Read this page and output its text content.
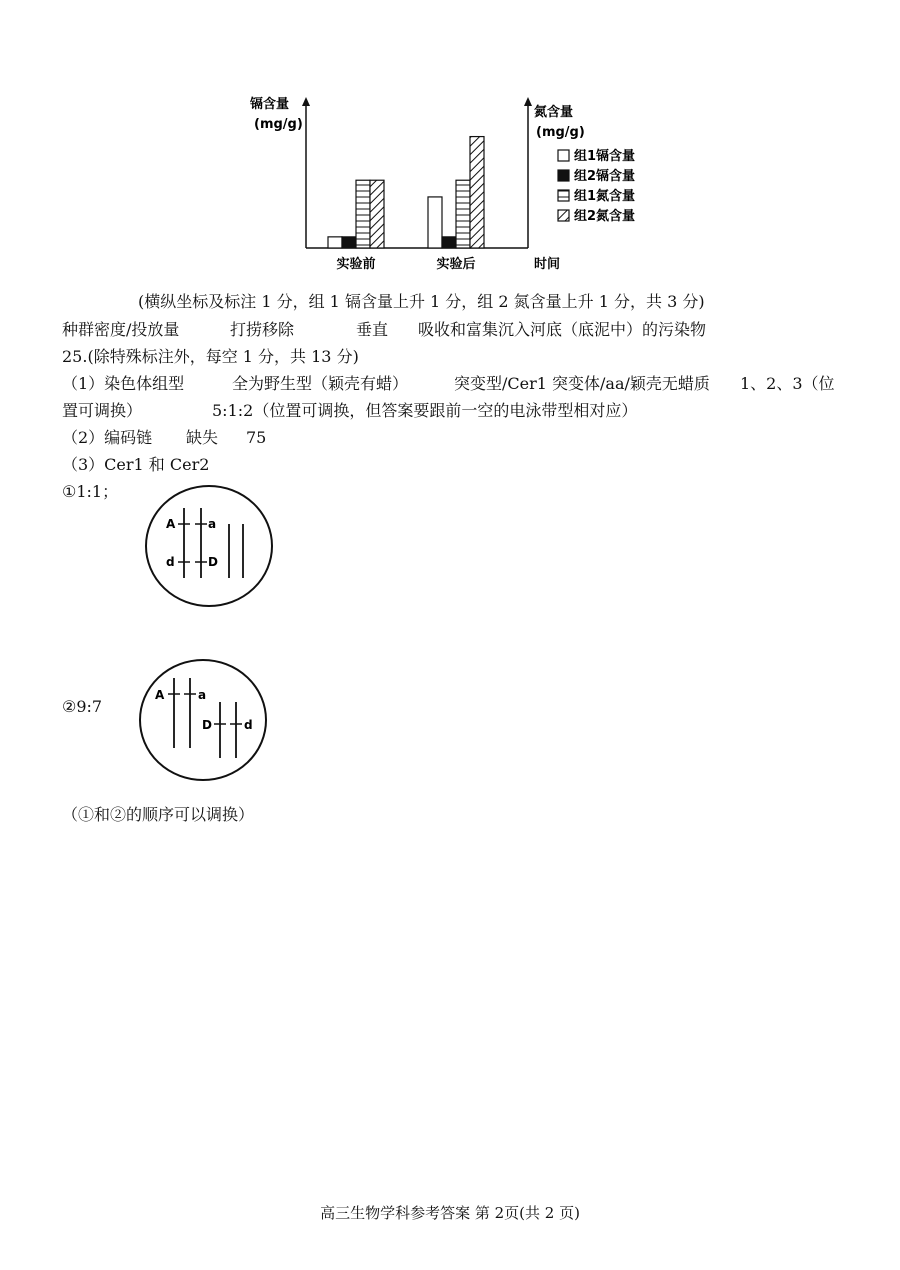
镉含量
(mg/g)
氮含量
(mg/g)
实验前	实验后	时间
组1镉含量
组2镉含量
组1氮含量
组2氮含量
(横纵坐标及标注 1 分，组 1 镉含量上升 1 分，组 2 氮含量上升 1 分，共 3 分)
种群密度/投放量	打捞移除	垂直 吸收和富集沉入河底（底泥中）的污染物
25.(除特殊标注外，每空 1 分，共 13 分)
（1）染色体组型	全为野生型（颖壳有蜡）	突变型/Cer1 突变体/aa/颖壳无蜡质 1、2、3（位
置可调换）	5:1:2（位置可调换，但答案要跟前一空的电泳带型相对应）
（2）编码链 缺失 75
（3）Cer1 和 Cer2
①1:1；
A	a
d	D
②9:7
A	a
D	d
（①和②的顺序可以调换）
高三生物学科参考答案 第 2页(共 2 页)
